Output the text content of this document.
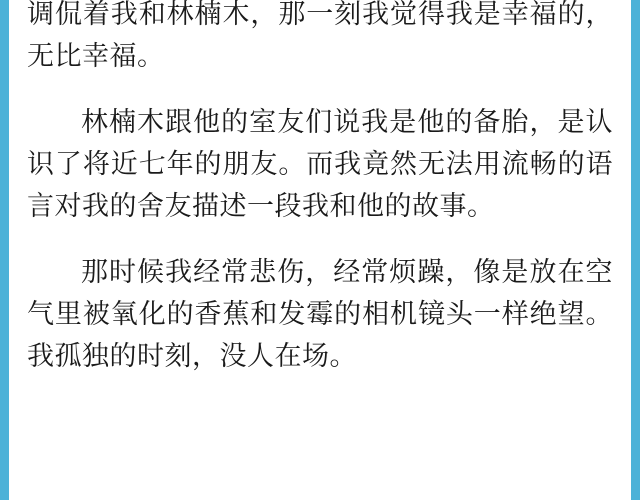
调侃着我和林楠木，那一刻我觉得我是幸福的，无比幸福。

林楠木跟他的室友们说我是他的备胎，是认识了将近七年的朋友。而我竟然无法用流畅的语言对我的舍友描述一段我和他的故事。

那时候我经常悲伤，经常烦躁，像是放在空气里被氧化的香蕉和发霉的相机镜头一样绝望。我孤独的时刻，没人在场。
